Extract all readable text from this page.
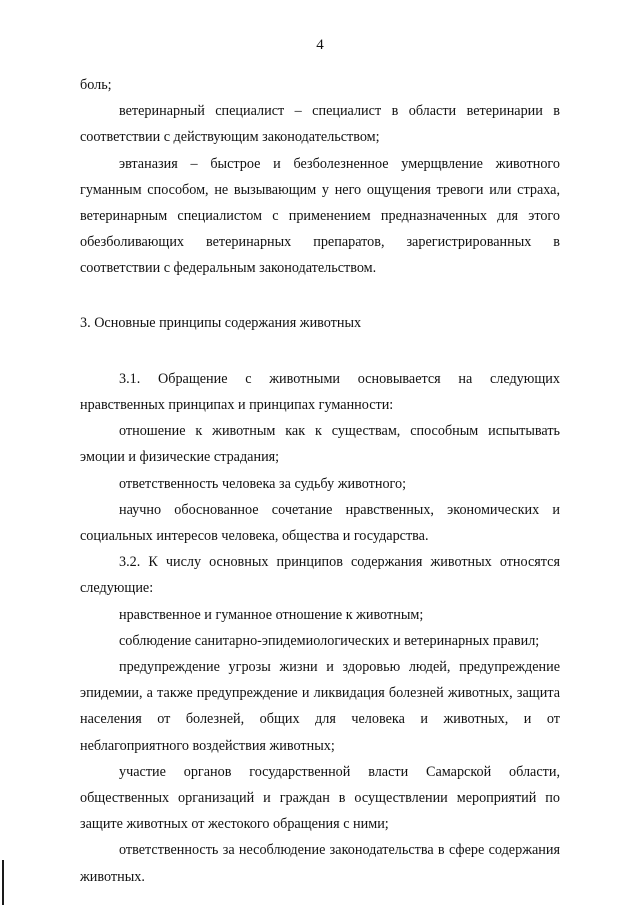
4

боль;

ветеринарный специалист – специалист в области ветеринарии в соответствии с действующим законодательством;

эвтаназия – быстрое и безболезненное умерщвление животного гуманным способом, не вызывающим у него ощущения тревоги или страха, ветеринарным специалистом с применением предназначенных для этого обезболивающих ветеринарных препаратов, зарегистрированных в соответствии с федеральным законодательством.

3. Основные принципы содержания животных

3.1. Обращение с животными основывается на следующих нравственных принципах и принципах гуманности:

отношение к животным как к существам, способным испытывать эмоции и физические страдания;

ответственность человека за судьбу животного;

научно обоснованное сочетание нравственных, экономических и социальных интересов человека, общества и государства.

3.2. К числу основных принципов содержания животных относятся следующие:

нравственное и гуманное отношение к животным;

соблюдение санитарно-эпидемиологических и ветеринарных правил;

предупреждение угрозы жизни и здоровью людей, предупреждение эпидемии, а также предупреждение и ликвидация болезней животных, защита населения от болезней, общих для человека и животных, и от неблагоприятного воздействия животных;

участие органов государственной власти Самарской области, общественных организаций и граждан в осуществлении мероприятий по защите животных от жестокого обращения с ними;

ответственность за несоблюдение законодательства в сфере содержания животных.
